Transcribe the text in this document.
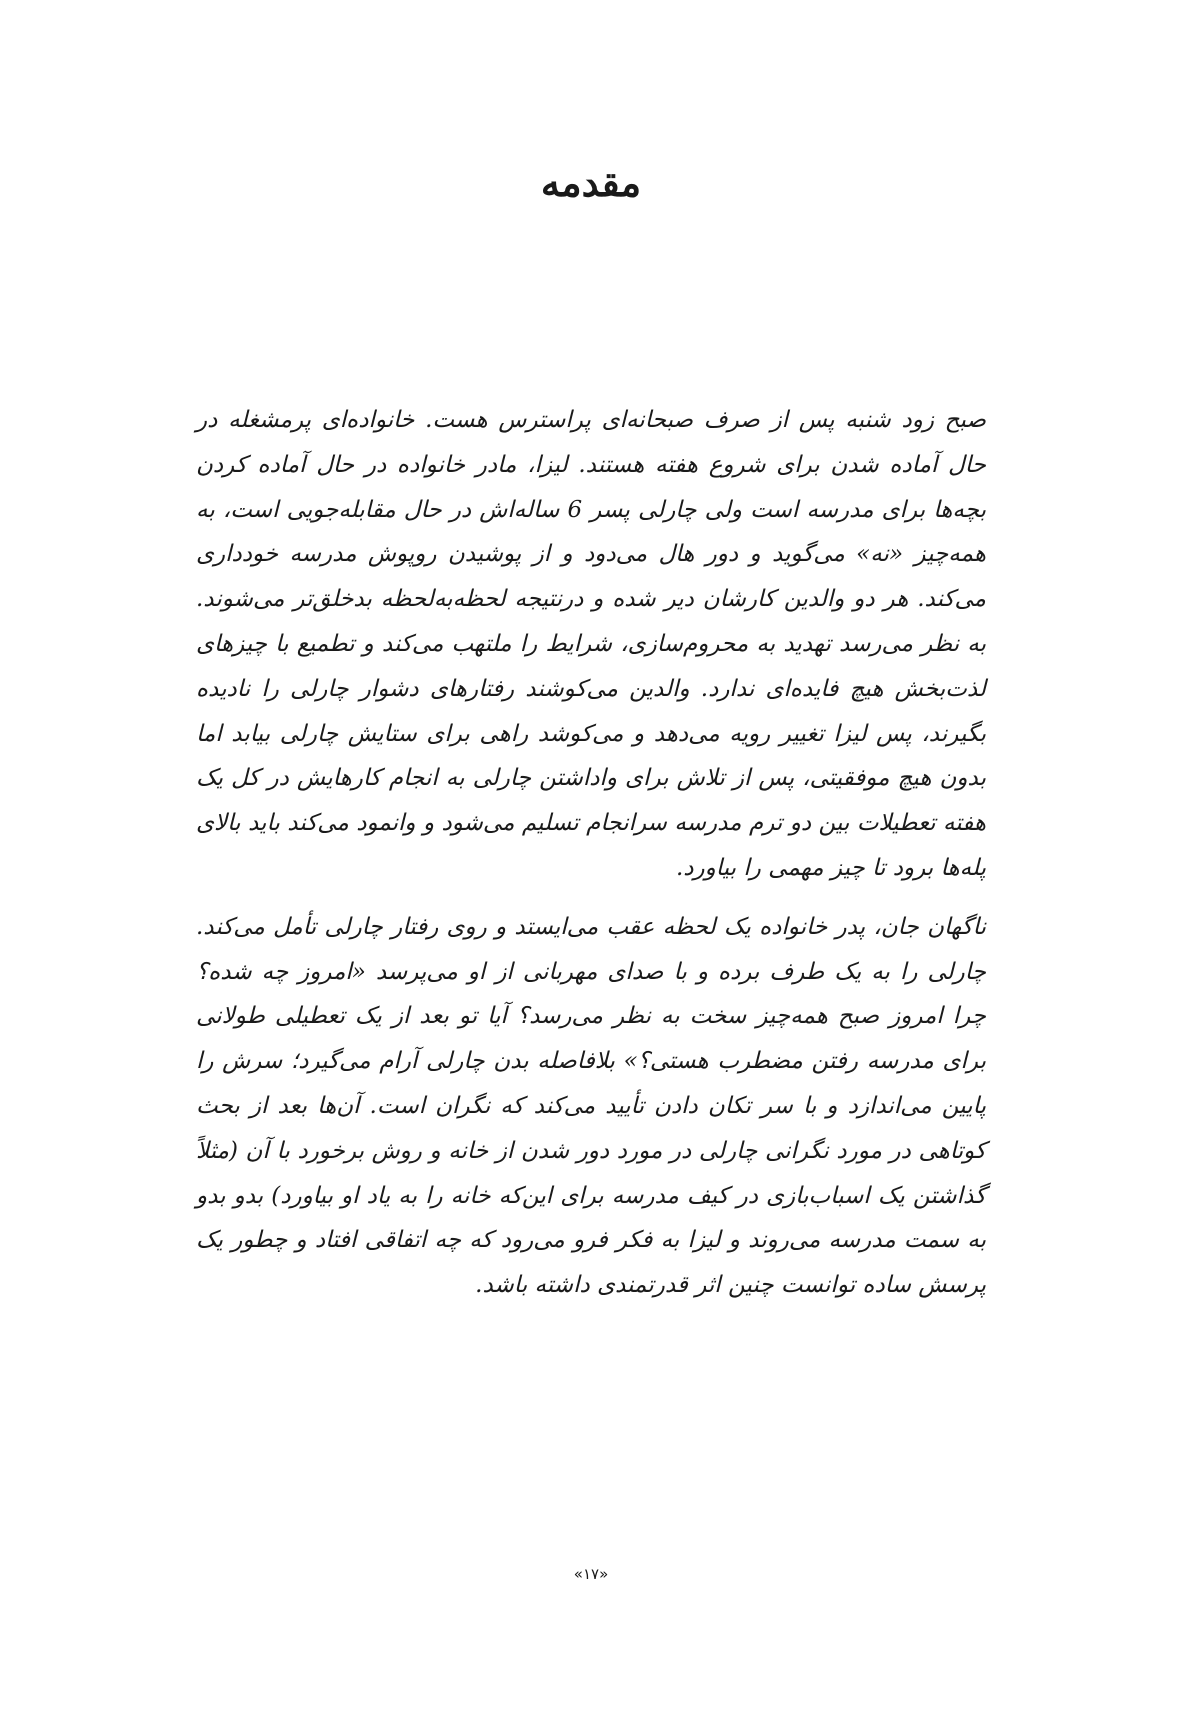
مقدمه

صبح زود شنبه پس از صرف صبحانه‌ای پراسترس هست. خانواده‌ای پرمشغله در حال آماده شدن برای شروع هفته هستند. لیزا، مادر خانواده در حال آماده کردن بچه‌ها برای مدرسه است ولی چارلی پسر 6 ساله‌اش در حال مقابله‌جویی است، به همه‌چیز «نه» می‌گوید و دور هال می‌دود و از پوشیدن روپوش مدرسه خودداری می‌کند. هر دو والدین کارشان دیر شده و درنتیجه لحظه‌به‌لحظه بدخلق‌تر می‌شوند. به نظر می‌رسد تهدید به محروم‌سازی، شرایط را ملتهب می‌کند و تطمیع با چیزهای لذت‌بخش هیچ فایده‌ای ندارد. والدین می‌کوشند رفتارهای دشوار چارلی را نادیده بگیرند، پس لیزا تغییر رویه می‌دهد و می‌کوشد راهی برای ستایش چارلی بیابد اما بدون هیچ موفقیتی، پس از تلاش برای واداشتن چارلی به انجام کارهایش در کل یک هفته تعطیلات بین دو ترم مدرسه سرانجام تسلیم می‌شود و وانمود می‌کند باید بالای پله‌ها برود تا چیز مهمی را بیاورد.

ناگهان جان، پدر خانواده یک لحظه عقب می‌ایستد و روی رفتار چارلی تأمل می‌کند. چارلی را به یک طرف برده و با صدای مهربانی از او می‌پرسد «امروز چه شده؟ چرا امروز صبح همه‌چیز سخت به نظر می‌رسد؟ آیا تو بعد از یک تعطیلی طولانی برای مدرسه رفتن مضطرب هستی؟» بلافاصله بدن چارلی آرام می‌گیرد؛ سرش را پایین می‌اندازد و با سر تکان دادن تأیید می‌کند که نگران است. آن‌ها بعد از بحث کوتاهی در مورد نگرانی چارلی در مورد دور شدن از خانه و روش برخورد با آن (مثلاً گذاشتن یک اسباب‌بازی در کیف مدرسه برای این‌که خانه را به یاد او بیاورد) بدو بدو به سمت مدرسه می‌روند و لیزا به فکر فرو می‌رود که چه اتفاقی افتاد و چطور یک پرسش ساده توانست چنین اثر قدرتمندی داشته باشد.

«۱۷»
